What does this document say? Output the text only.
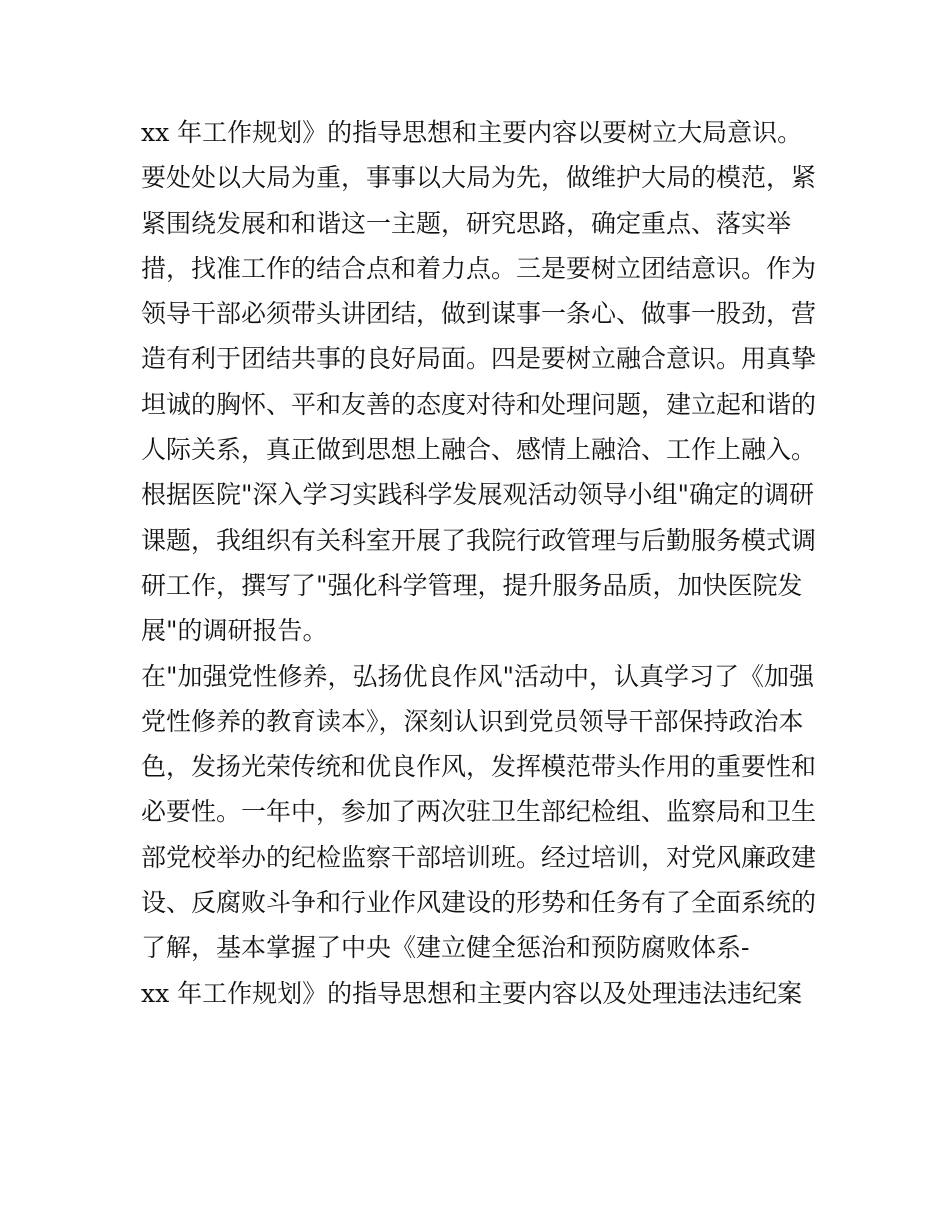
xx 年工作规划》的指导思想和主要内容以要树立大局意识。
要处处以大局为重，事事以大局为先，做维护大局的模范，紧
紧围绕发展和和谐这一主题，研究思路，确定重点、落实举
措，找准工作的结合点和着力点。三是要树立团结意识。作为
领导干部必须带头讲团结，做到谋事一条心、做事一股劲，营
造有利于团结共事的良好局面。四是要树立融合意识。用真挚
坦诚的胸怀、平和友善的态度对待和处理问题，建立起和谐的
人际关系，真正做到思想上融合、感情上融洽、工作上融入。
根据医院"深入学习实践科学发展观活动领导小组"确定的调研
课题，我组织有关科室开展了我院行政管理与后勤服务模式调
研工作，撰写了"强化科学管理，提升服务品质，加快医院发
展"的调研报告。
在"加强党性修养，弘扬优良作风"活动中，认真学习了《加强
党性修养的教育读本》，深刻认识到党员领导干部保持政治本
色，发扬光荣传统和优良作风，发挥模范带头作用的重要性和
必要性。一年中，参加了两次驻卫生部纪检组、监察局和卫生
部党校举办的纪检监察干部培训班。经过培训，对党风廉政建
设、反腐败斗争和行业作风建设的形势和任务有了全面系统的
了解，基本掌握了中央《建立健全惩治和预防腐败体系-
xx 年工作规划》的指导思想和主要内容以及处理违法违纪案
